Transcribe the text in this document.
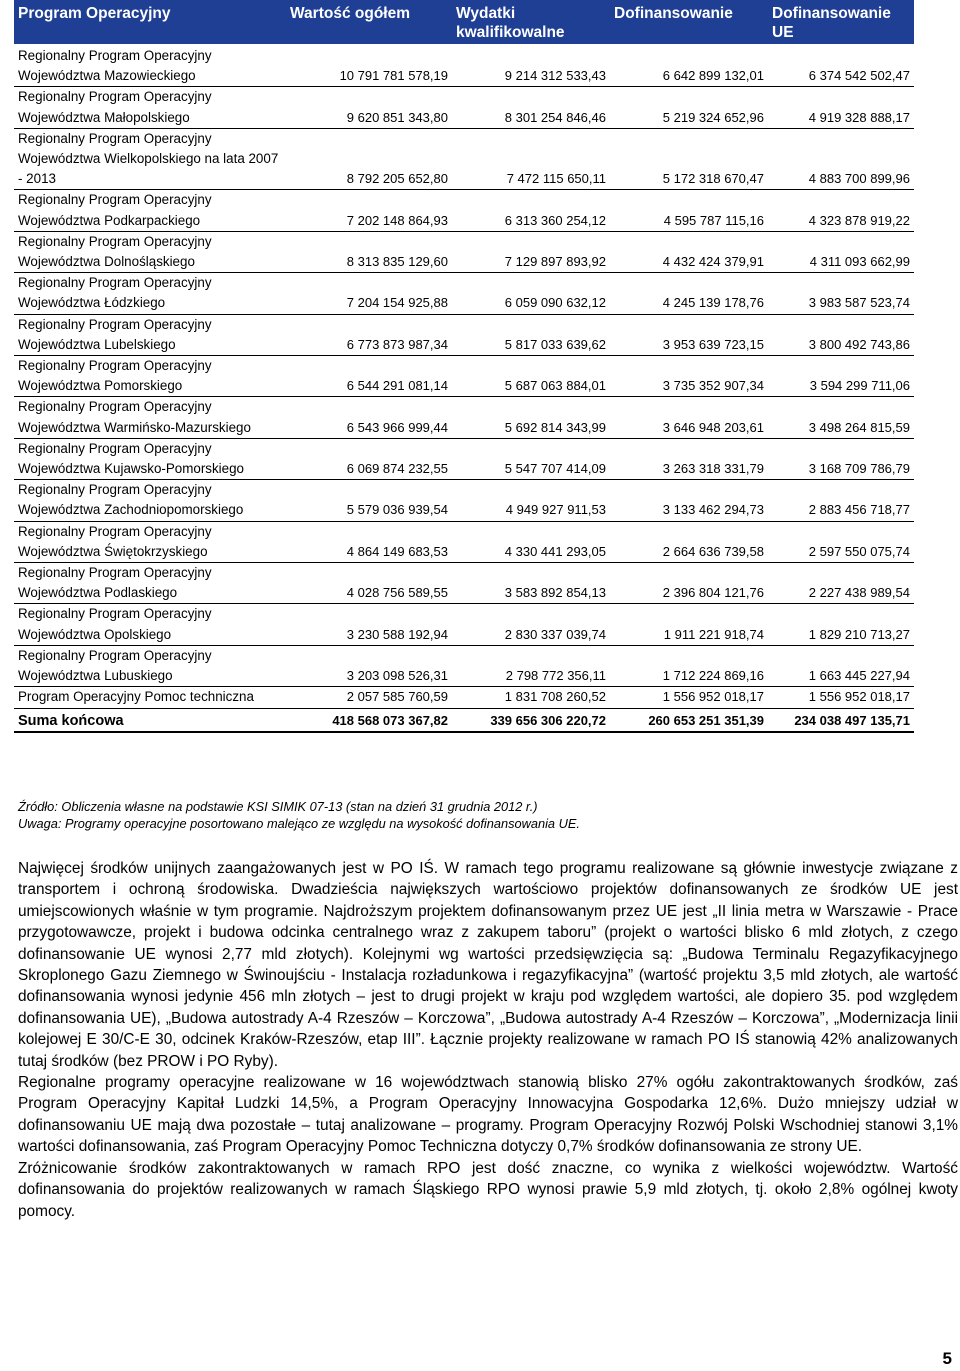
Program Operacyjny	Wartość ogółem	Wydatki kwalifikowalne	Dofinansowanie	Dofinansowanie UE
Regionalny Program Operacyjny Województwa Mazowieckiego	10 791 781 578,19	9 214 312 533,43	6 642 899 132,01	6 374 542 502,47
Regionalny Program Operacyjny Województwa Małopolskiego	9 620 851 343,80	8 301 254 846,46	5 219 324 652,96	4 919 328 888,17
Regionalny Program Operacyjny Województwa Wielkopolskiego na lata 2007 - 2013	8 792 205 652,80	7 472 115 650,11	5 172 318 670,47	4 883 700 899,96
Regionalny Program Operacyjny Województwa Podkarpackiego	7 202 148 864,93	6 313 360 254,12	4 595 787 115,16	4 323 878 919,22
Regionalny Program Operacyjny Województwa Dolnośląskiego	8 313 835 129,60	7 129 897 893,92	4 432 424 379,91	4 311 093 662,99
Regionalny Program Operacyjny Województwa Łódzkiego	7 204 154 925,88	6 059 090 632,12	4 245 139 178,76	3 983 587 523,74
Regionalny Program Operacyjny Województwa Lubelskiego	6 773 873 987,34	5 817 033 639,62	3 953 639 723,15	3 800 492 743,86
Regionalny Program Operacyjny Województwa Pomorskiego	6 544 291 081,14	5 687 063 884,01	3 735 352 907,34	3 594 299 711,06
Regionalny Program Operacyjny Województwa Warmińsko-Mazurskiego	6 543 966 999,44	5 692 814 343,99	3 646 948 203,61	3 498 264 815,59
Regionalny Program Operacyjny Województwa Kujawsko-Pomorskiego	6 069 874 232,55	5 547 707 414,09	3 263 318 331,79	3 168 709 786,79
Regionalny Program Operacyjny Województwa Zachodniopomorskiego	5 579 036 939,54	4 949 927 911,53	3 133 462 294,73	2 883 456 718,77
Regionalny Program Operacyjny Województwa Świętokrzyskiego	4 864 149 683,53	4 330 441 293,05	2 664 636 739,58	2 597 550 075,74
Regionalny Program Operacyjny Województwa Podlaskiego	4 028 756 589,55	3 583 892 854,13	2 396 804 121,76	2 227 438 989,54
Regionalny Program Operacyjny Województwa Opolskiego	3 230 588 192,94	2 830 337 039,74	1 911 221 918,74	1 829 210 713,27
Regionalny Program Operacyjny Województwa Lubuskiego	3 203 098 526,31	2 798 772 356,11	1 712 224 869,16	1 663 445 227,94
Program Operacyjny Pomoc techniczna	2 057 585 760,59	1 831 708 260,52	1 556 952 018,17	1 556 952 018,17
Suma końcowa	418 568 073 367,82	339 656 306 220,72	260 653 251 351,39	234 038 497 135,71
Źródło: Obliczenia własne na podstawie KSI SIMIK 07-13 (stan na dzień 31 grudnia 2012 r.)
Uwaga: Programy operacyjne posortowano malejąco ze względu na wysokość dofinansowania UE.

Najwięcej środków unijnych zaangażowanych jest w PO IŚ. W ramach tego programu realizowane są głównie inwestycje związane z transportem i ochroną środowiska. Dwadzieścia największych wartościowo projektów dofinansowanych ze środków UE jest umiejscowionych właśnie w tym programie. Najdroższym projektem dofinansowanym przez UE jest „II linia metra w Warszawie - Prace przygotowawcze, projekt i budowa odcinka centralnego wraz z zakupem taboru” (projekt o wartości blisko 6 mld złotych, z czego dofinansowanie UE wynosi 2,77 mld złotych). Kolejnymi wg wartości przedsięwzięcia są: „Budowa Terminalu Regazyfikacyjnego Skroplonego Gazu Ziemnego w Świnoujściu - Instalacja rozładunkowa i regazyfikacyjna” (wartość projektu 3,5 mld złotych, ale wartość dofinansowania wynosi jedynie 456 mln złotych – jest to drugi projekt w kraju pod względem wartości, ale dopiero 35. pod względem dofinansowania UE), „Budowa autostrady A-4 Rzeszów – Korczowa”, „Budowa autostrady A-4 Rzeszów – Korczowa”, „Modernizacja linii kolejowej E 30/C-E 30, odcinek Kraków-Rzeszów, etap III”. Łącznie projekty realizowane w ramach PO IŚ stanowią 42% analizowanych tutaj środków (bez PROW i PO Ryby).

Regionalne programy operacyjne realizowane w 16 województwach stanowią blisko 27% ogółu zakontraktowanych środków, zaś Program Operacyjny Kapitał Ludzki 14,5%, a Program Operacyjny Innowacyjna Gospodarka 12,6%. Dużo mniejszy udział w dofinansowaniu UE mają dwa pozostałe – tutaj analizowane – programy. Program Operacyjny Rozwój Polski Wschodniej stanowi 3,1% wartości dofinansowania, zaś Program Operacyjny Pomoc Techniczna dotyczy 0,7% środków dofinansowania ze strony UE.

Zróżnicowanie środków zakontraktowanych w ramach RPO jest dość znaczne, co wynika z wielkości województw. Wartość dofinansowania do projektów realizowanych w ramach Śląskiego RPO wynosi prawie 5,9 mld złotych, tj. około 2,8% ogólnej kwoty pomocy.

5
